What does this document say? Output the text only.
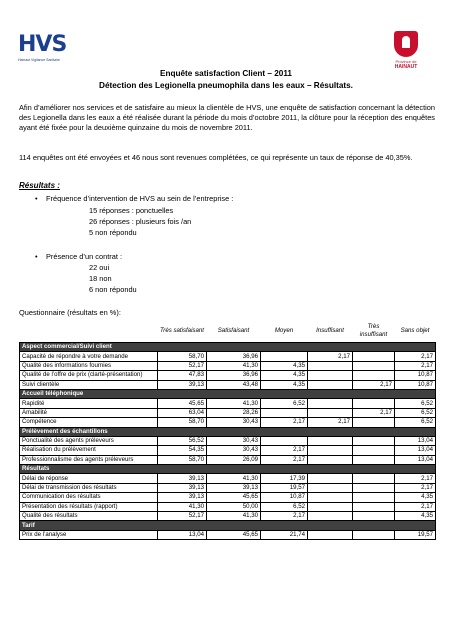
HVS
Hainaut Vigilance Sanitaire	Province de
HAINAUT
Enquête satisfaction Client – 2011
Détection des Legionella pneumophila dans les eaux – Résultats.
Afin d’améliorer nos services et de satisfaire au mieux la clientèle de HVS, une enquête de satisfaction concernant la détection des Legionella dans les eaux a été réalisée durant la période du mois d’octobre 2011, la clôture pour la réception des enquêtes ayant été fixée pour la deuxième quinzaine du mois de novembre 2011.
114 enquêtes ont été envoyées et 46 nous sont revenues complétées, ce qui représente un taux de réponse de 40,35%.
Résultats :
• Fréquence d’intervention de HVS au sein de l’entreprise :
15 réponses : ponctuelles
26 réponses : plusieurs fois /an
5 non répondu
• Présence d’un contrat :
22 oui
18 non
6 non répondu
Questionnaire (résultats en %):
	Très satisfaisant	Satisfaisant	Moyen	Insuffisant	Très insuffisant	Sans objet
Aspect commercial/Suivi client						
Capacité de répondre à votre demande	58,70	36,96		2,17		2,17
Qualité des informations fournies	52,17	41,30	4,35			2,17
Qualité de l’offre de prix (clarté-présentation)	47,83	36,96	4,35			10,87
Suivi clientèle	39,13	43,48	4,35		2,17	10,87
Accueil téléphonique						
Rapidité	45,65	41,30	6,52			6,52
Amabilité	63,04	28,26			2,17	6,52
Compétence	58,70	30,43	2,17	2,17		6,52
Prélèvement des échantillons						
Ponctualité des agents préleveurs	56,52	30,43				13,04
Réalisation du prélèvement	54,35	30,43	2,17			13,04
Professionnalisme des agents préleveurs	58,70	26,09	2,17			13,04
Résultats						
Délai de réponse	39,13	41,30	17,39			2,17
Délai de transmission des résultats	39,13	39,13	19,57			2,17
Communication des résultats	39,13	45,65	10,87			4,35
Présentation des résultats (rapport)	41,30	50,00	6,52			2,17
Qualité des résultats	52,17	41,30	2,17			4,35
Tarif						
Prix de l’analyse	13,04	45,65	21,74			19,57
